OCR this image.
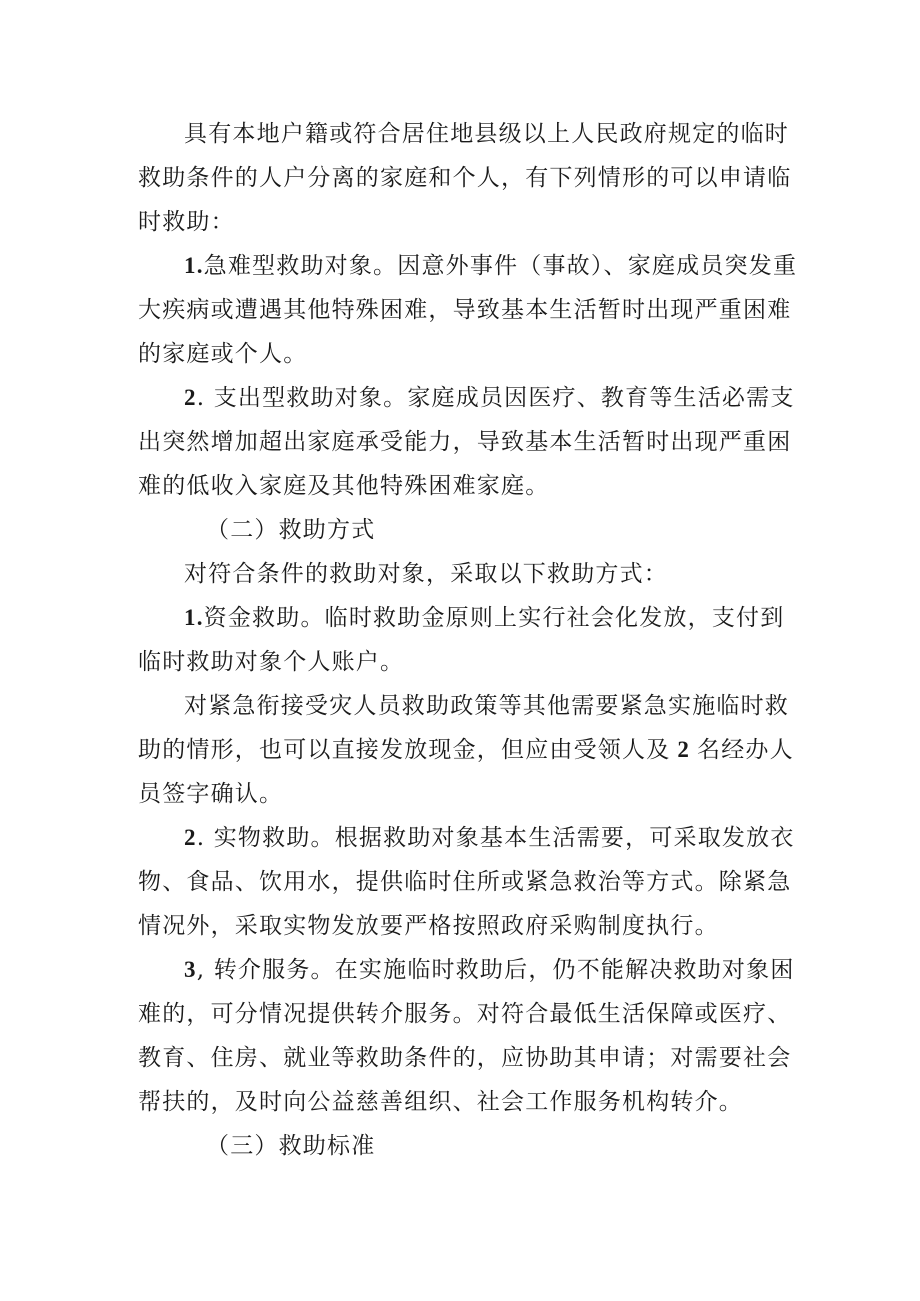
具有本地户籍或符合居住地县级以上人民政府规定的临时救助条件的人户分离的家庭和个人，有下列情形的可以申请临时救助：

1.急难型救助对象。因意外事件（事故）、家庭成员突发重大疾病或遭遇其他特殊困难，导致基本生活暂时出现严重困难的家庭或个人。

2. 支出型救助对象。家庭成员因医疗、教育等生活必需支出突然增加超出家庭承受能力，导致基本生活暂时出现严重困难的低收入家庭及其他特殊困难家庭。

（二）救助方式

对符合条件的救助对象，采取以下救助方式：

1.资金救助。临时救助金原则上实行社会化发放，支付到临时救助对象个人账户。

对紧急衔接受灾人员救助政策等其他需要紧急实施临时救助的情形，也可以直接发放现金，但应由受领人及 2 名经办人员签字确认。

2. 实物救助。根据救助对象基本生活需要，可采取发放衣物、食品、饮用水，提供临时住所或紧急救治等方式。除紧急情况外，采取实物发放要严格按照政府采购制度执行。

3, 转介服务。在实施临时救助后，仍不能解决救助对象困难的，可分情况提供转介服务。对符合最低生活保障或医疗、教育、住房、就业等救助条件的，应协助其申请；对需要社会帮扶的，及时向公益慈善组织、社会工作服务机构转介。

（三）救助标准
